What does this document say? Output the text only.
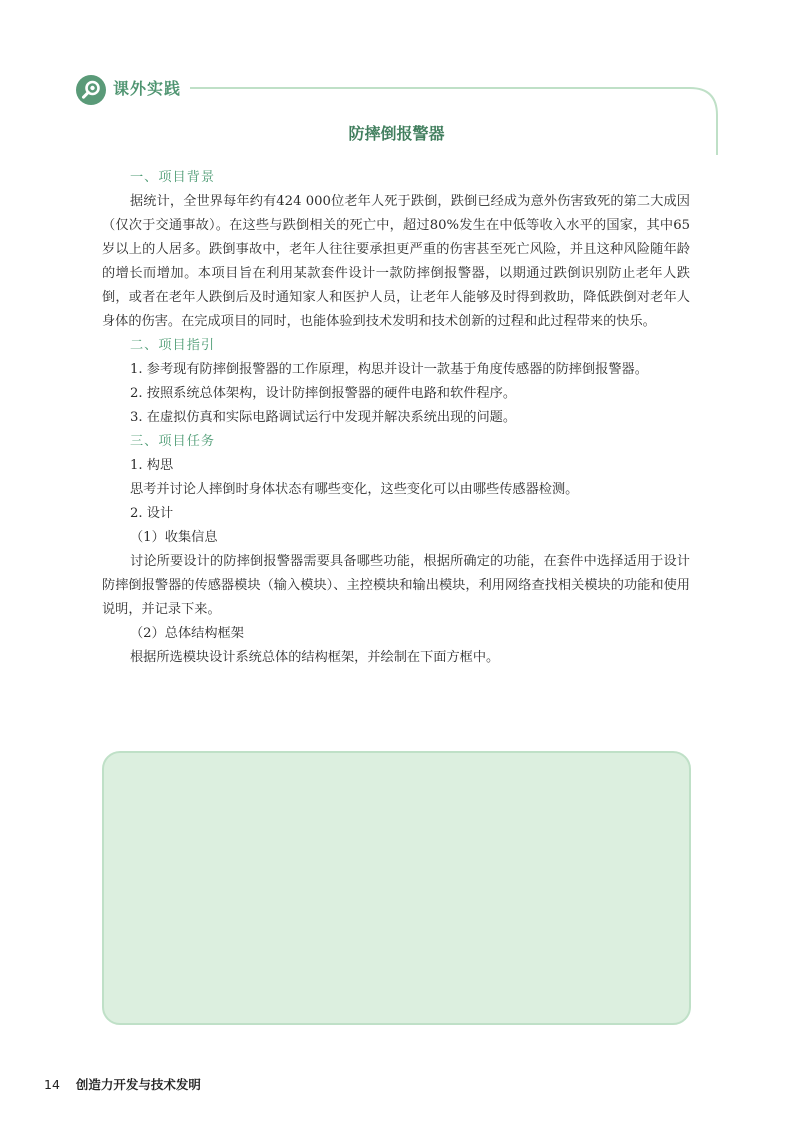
课外实践
防摔倒报警器

一、项目背景

据统计，全世界每年约有424 000位老年人死于跌倒，跌倒已经成为意外伤害致死的第二大成因（仅次于交通事故）。在这些与跌倒相关的死亡中，超过80%发生在中低等收入水平的国家，其中65岁以上的人居多。跌倒事故中，老年人往往要承担更严重的伤害甚至死亡风险，并且这种风险随年龄的增长而增加。本项目旨在利用某款套件设计一款防摔倒报警器，以期通过跌倒识别防止老年人跌倒，或者在老年人跌倒后及时通知家人和医护人员，让老年人能够及时得到救助，降低跌倒对老年人身体的伤害。在完成项目的同时，也能体验到技术发明和技术创新的过程和此过程带来的快乐。

二、项目指引

1. 参考现有防摔倒报警器的工作原理，构思并设计一款基于角度传感器的防摔倒报警器。

2. 按照系统总体架构，设计防摔倒报警器的硬件电路和软件程序。

3. 在虚拟仿真和实际电路调试运行中发现并解决系统出现的问题。

三、项目任务

1. 构思

思考并讨论人摔倒时身体状态有哪些变化，这些变化可以由哪些传感器检测。

2. 设计

（1）收集信息

讨论所要设计的防摔倒报警器需要具备哪些功能，根据所确定的功能，在套件中选择适用于设计防摔倒报警器的传感器模块（输入模块）、主控模块和输出模块，利用网络查找相关模块的功能和使用说明，并记录下来。

（2）总体结构框架

根据所选模块设计系统总体的结构框架，并绘制在下面方框中。

14 创造力开发与技术发明
